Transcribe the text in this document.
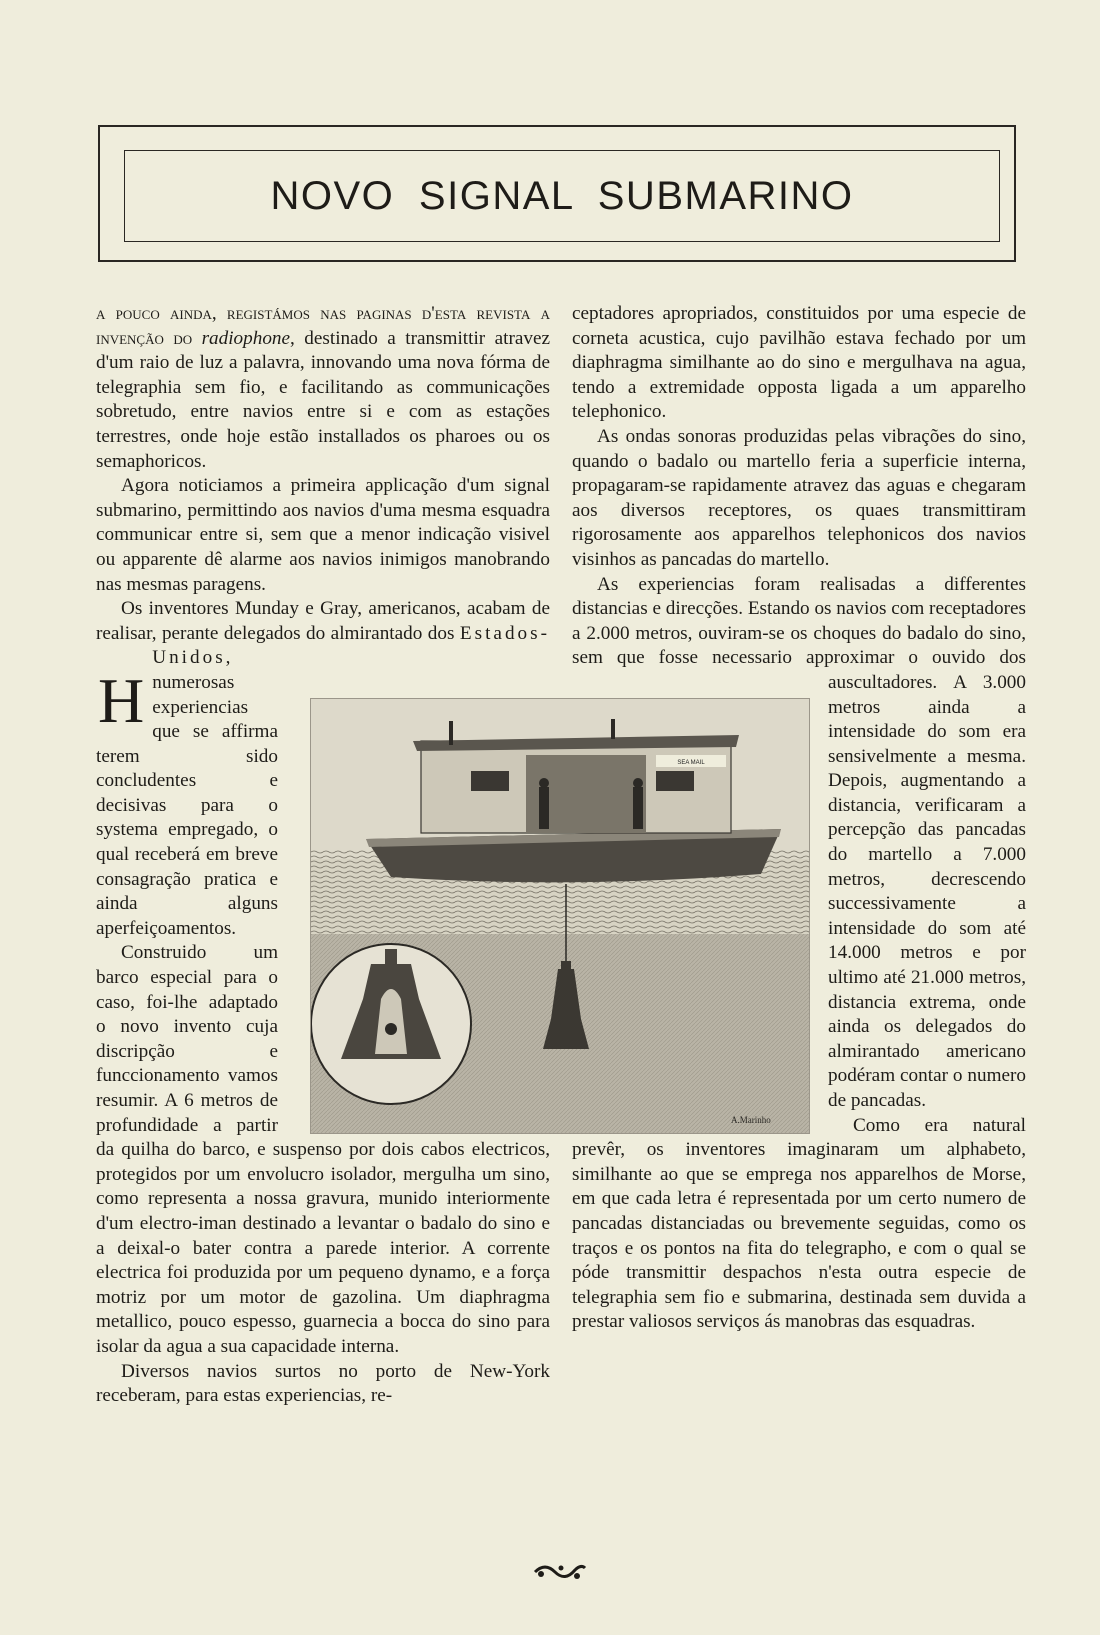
NOVO SIGNAL SUBMARINO

H
a pouco ainda, registámos nas paginas d'esta revista a invenção do radiophone, destinado a transmittir atravez d'um raio de luz a palavra, innovando uma nova fórma de telegraphia sem fio, e facilitando as communicações sobretudo, entre navios entre si e com as estações terrestres, onde hoje estão installados os pharoes ou os semaphoricos.

Agora noticiamos a primeira applicação d'um signal submarino, permittindo aos navios d'uma mesma esquadra communicar entre si, sem que a menor indicação visivel ou apparente dê alarme aos navios inimigos manobrando nas mesmas paragens.

Os inventores Munday e Gray, americanos, acabam de realisar, perante delegados do almirantado dos Estados-Unidos, numerosas experiencias que se affirma terem sido concludentes e decisivas para o systema empregado, o qual receberá em breve consagração pratica e ainda alguns aperfeiçoamentos.

Construido um barco especial para o caso, foi-lhe adaptado o novo invento cuja discripção e funccionamento vamos resumir. A 6 metros de profundidade a partir da quilha do barco, e suspenso por dois cabos electricos, protegidos por um envolucro isolador, mergulha um sino, como representa a nossa gravura, munido interiormente d'um electro-iman destinado a levantar o badalo do sino e a deixal-o bater contra a parede interior. A corrente electrica foi produzida por um pequeno dynamo, e a força motriz por um motor de gazolina. Um diaphragma metallico, pouco espesso, guarnecia a bocca do sino para isolar da agua a sua capacidade interna.

Diversos navios surtos no porto de New-York receberam, para estas experiencias, re-

SEA MAIL
A.Marinho

ceptadores apropriados, constituidos por uma especie de corneta acustica, cujo pavilhão estava fechado por um diaphragma similhante ao do sino e mergulhava na agua, tendo a extremidade opposta ligada a um apparelho telephonico.

As ondas sonoras produzidas pelas vibrações do sino, quando o badalo ou martello feria a superficie interna, propagaram-se rapidamente atravez das aguas e chegaram aos diversos receptores, os quaes transmittiram rigorosamente aos apparelhos telephonicos dos navios visinhos as pancadas do martello.

As experiencias foram realisadas a differentes distancias e direcções. Estando os navios com receptadores a 2.000 metros, ouviram-se os choques do badalo do sino, sem que fosse necessario approximar o ouvido dos auscultadores. A 3.000 metros ainda a intensidade do som era sensivelmente a mesma. Depois, augmentando a distancia, verificaram a percepção das pancadas do martello a 7.000 metros, decrescendo successivamente a intensidade do som até 14.000 metros e por ultimo até 21.000 metros, distancia extrema, onde ainda os delegados do almirantado americano podéram contar o numero de pancadas.

Como era natural prevêr, os inventores imaginaram um alphabeto, similhante ao que se emprega nos apparelhos de Morse, em que cada letra é representada por um certo numero de pancadas distanciadas ou brevemente seguidas, como os traços e os pontos na fita do telegrapho, e com o qual se póde transmittir despachos n'esta outra especie de telegraphia sem fio e submarina, destinada sem duvida a prestar valiosos serviços ás manobras das esquadras.
